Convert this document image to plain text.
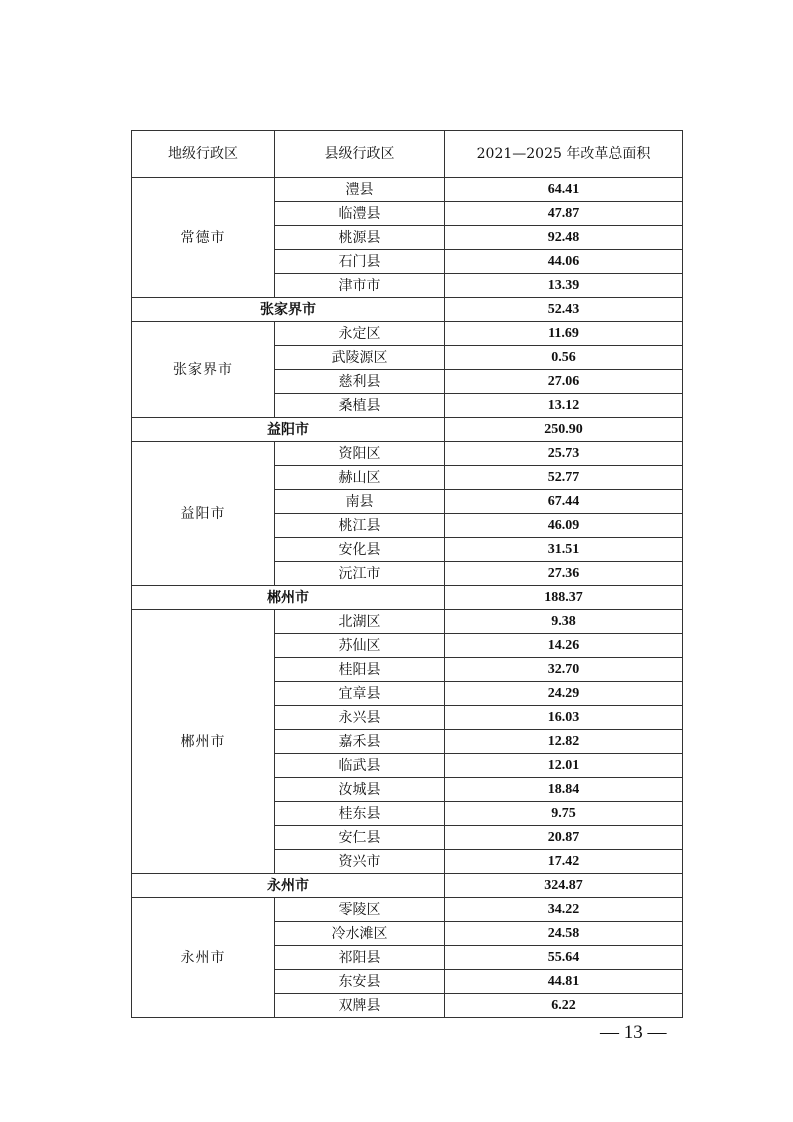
地级行政区	县级行政区	2021—2025 年改革总面积
常德市	澧县	64.41
	临澧县	47.87
	桃源县	92.48
	石门县	44.06
	津市市	13.39
张家界市		52.43
张家界市	永定区	11.69
	武陵源区	0.56
	慈利县	27.06
	桑植县	13.12
益阳市		250.90
益阳市	资阳区	25.73
	赫山区	52.77
	南县	67.44
	桃江县	46.09
	安化县	31.51
	沅江市	27.36
郴州市		188.37
郴州市	北湖区	9.38
	苏仙区	14.26
	桂阳县	32.70
	宜章县	24.29
	永兴县	16.03
	嘉禾县	12.82
	临武县	12.01
	汝城县	18.84
	桂东县	9.75
	安仁县	20.87
	资兴市	17.42
永州市		324.87
永州市	零陵区	34.22
	冷水滩区	24.58
	祁阳县	55.64
	东安县	44.81
	双牌县	6.22
— 13 —
